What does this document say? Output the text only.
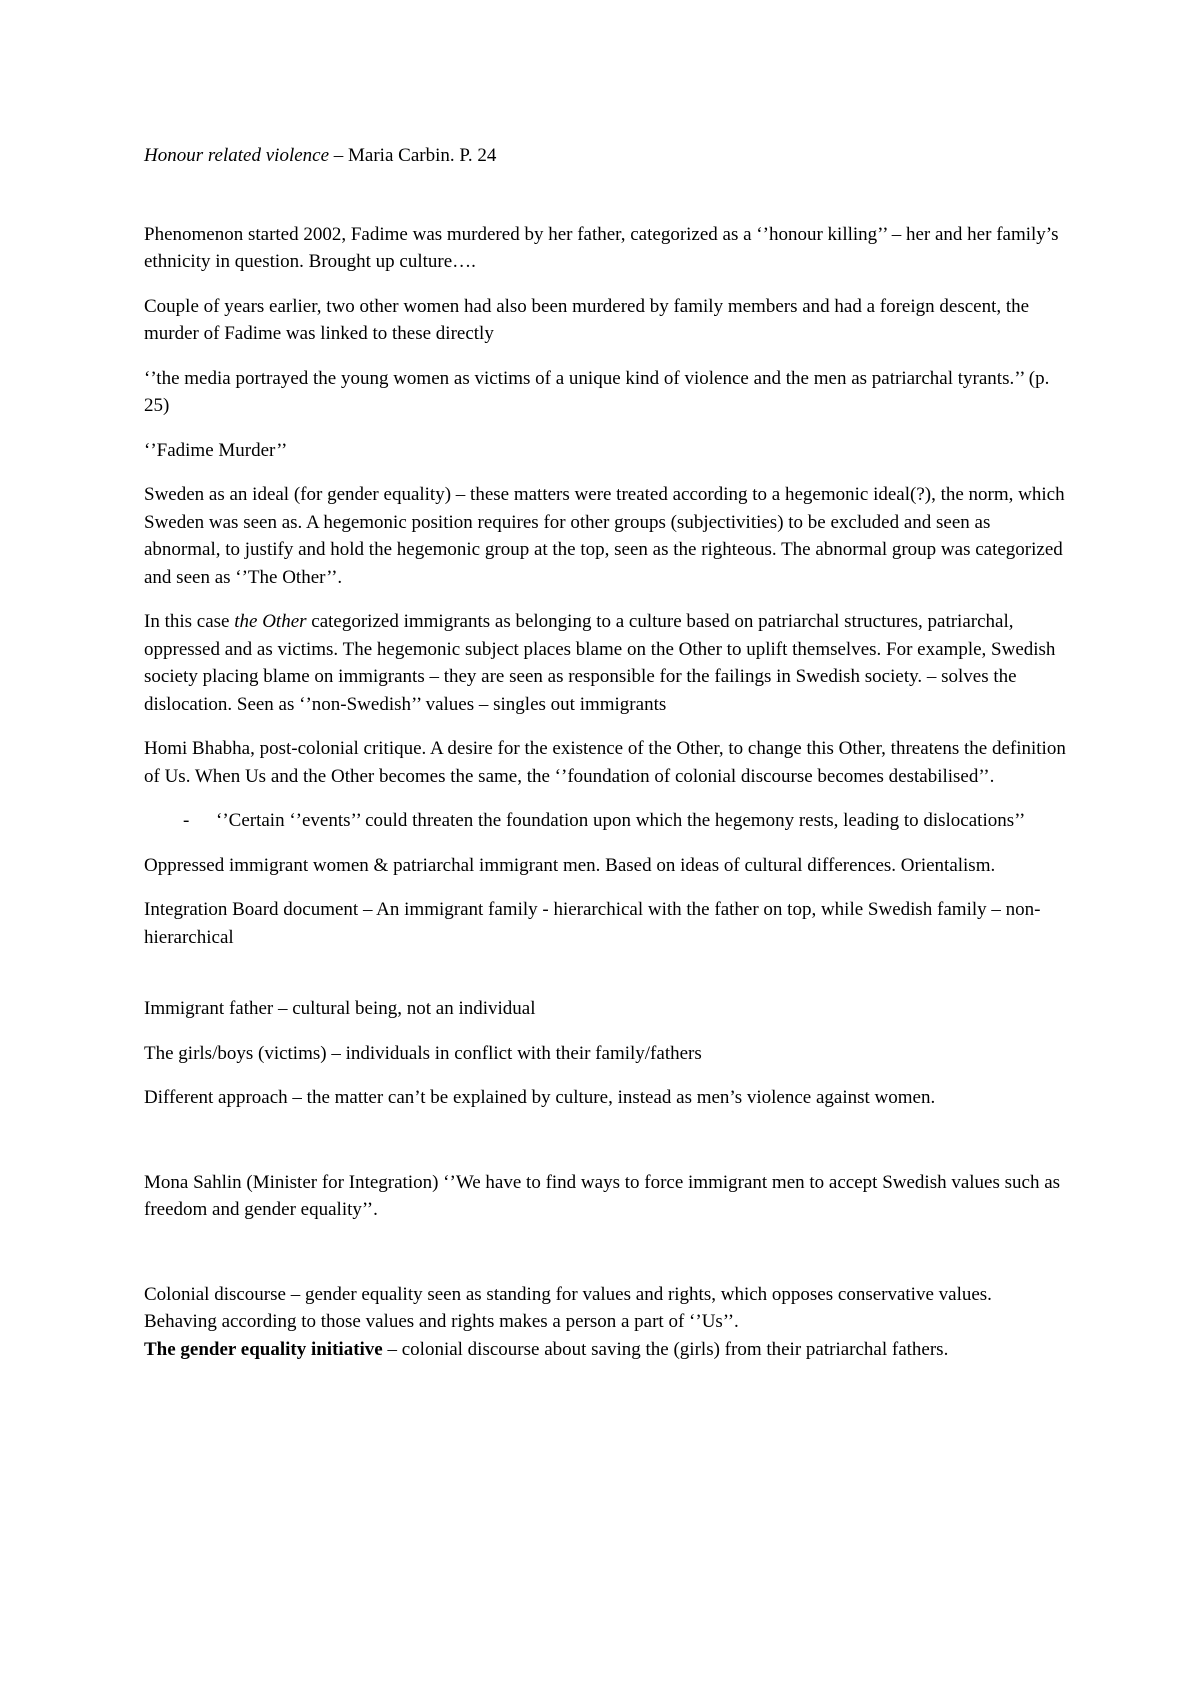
Honour related violence – Maria Carbin. P. 24

Phenomenon started 2002, Fadime was murdered by her father, categorized as a ‘’honour killing’’ – her and her family’s ethnicity in question. Brought up culture….

Couple of years earlier, two other women had also been murdered by family members and had a foreign descent, the murder of Fadime was linked to these directly

‘’the media portrayed the young women as victims of a unique kind of violence and the men as patriarchal tyrants.’’ (p. 25)

‘’Fadime Murder’’

Sweden as an ideal (for gender equality) – these matters were treated according to a hegemonic ideal(?), the norm, which Sweden was seen as. A hegemonic position requires for other groups (subjectivities) to be excluded and seen as abnormal, to justify and hold the hegemonic group at the top, seen as the righteous. The abnormal group was categorized and seen as ‘’The Other’’.

In this case the Other categorized immigrants as belonging to a culture based on patriarchal structures, patriarchal, oppressed and as victims. The hegemonic subject places blame on the Other to uplift themselves. For example, Swedish society placing blame on immigrants – they are seen as responsible for the failings in Swedish society. – solves the dislocation. Seen as ‘’non-Swedish’’ values – singles out immigrants

Homi Bhabha, post-colonial critique. A desire for the existence of the Other, to change this Other, threatens the definition of Us. When Us and the Other becomes the same, the ‘’foundation of colonial discourse becomes destabilised’’.

- ‘’Certain ‘’events’’ could threaten the foundation upon which the hegemony rests, leading to dislocations’’

Oppressed immigrant women & patriarchal immigrant men. Based on ideas of cultural differences. Orientalism.

Integration Board document – An immigrant family - hierarchical with the father on top, while Swedish family – non-hierarchical

Immigrant father – cultural being, not an individual

The girls/boys (victims) – individuals in conflict with their family/fathers

Different approach – the matter can’t be explained by culture, instead as men’s violence against women.

Mona Sahlin (Minister for Integration) ‘’We have to find ways to force immigrant men to accept Swedish values such as freedom and gender equality’’.

Colonial discourse – gender equality seen as standing for values and rights, which opposes conservative values. Behaving according to those values and rights makes a person a part of ‘’Us’’.
The gender equality initiative – colonial discourse about saving the (girls) from their patriarchal fathers.
